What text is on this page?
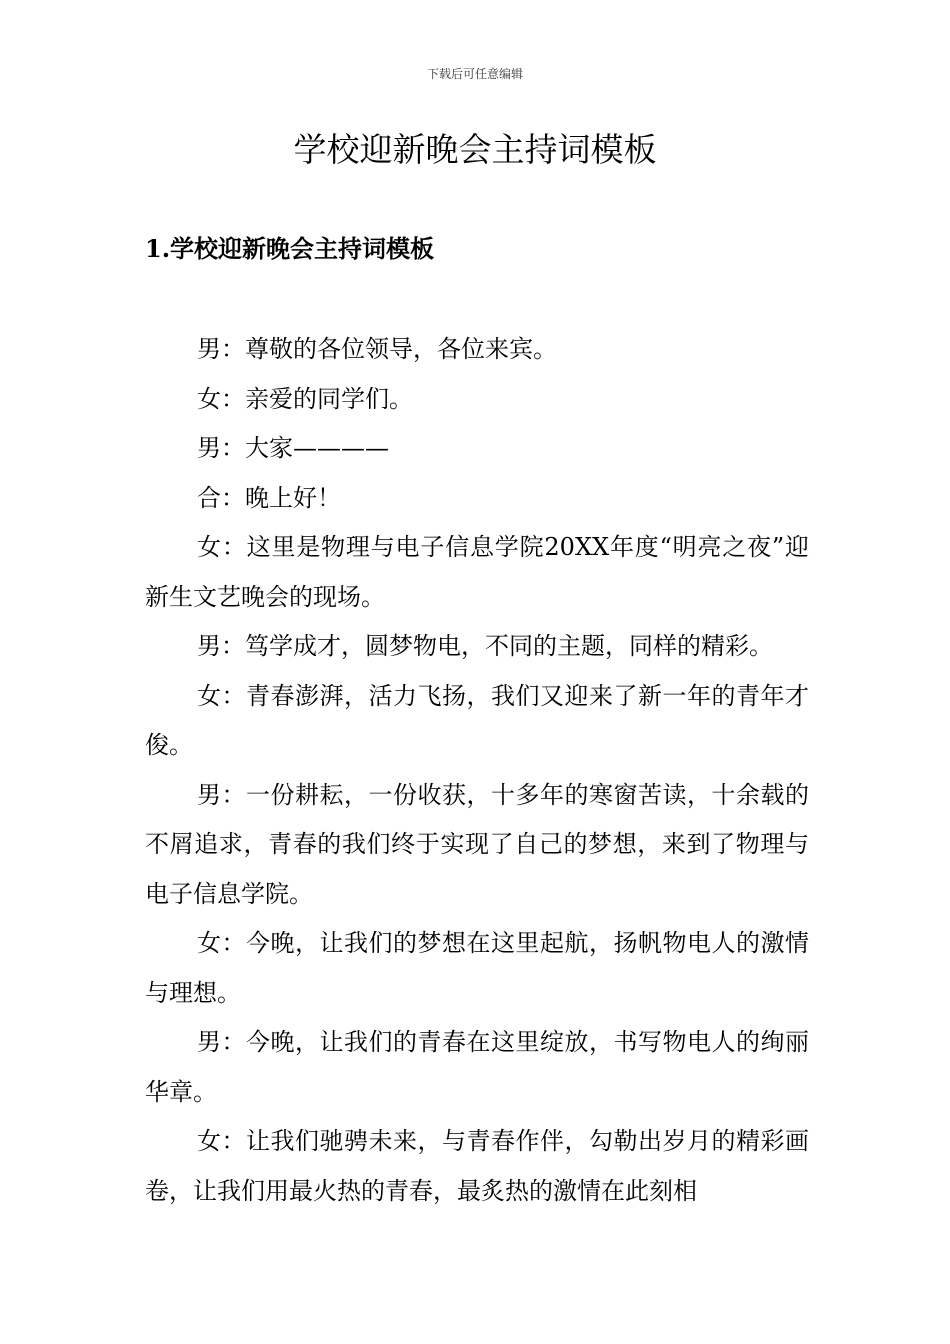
下载后可任意编辑
学校迎新晚会主持词模板
1.学校迎新晚会主持词模板

男：尊敬的各位领导，各位来宾。

女：亲爱的同学们。

男：大家————

合：晚上好！

女：这里是物理与电子信息学院20XX年度“明亮之夜”迎新生文艺晚会的现场。

男：笃学成才，圆梦物电，不同的主题，同样的精彩。

女：青春澎湃，活力飞扬，我们又迎来了新一年的青年才俊。

男：一份耕耘，一份收获，十多年的寒窗苦读，十余载的不屑追求，青春的我们终于实现了自己的梦想，来到了物理与电子信息学院。

女：今晚，让我们的梦想在这里起航，扬帆物电人的激情与理想。

男：今晚，让我们的青春在这里绽放，书写物电人的绚丽华章。

女：让我们驰骋未来，与青春作伴，勾勒出岁月的精彩画卷，让我们用最火热的青春，最炙热的激情在此刻相
